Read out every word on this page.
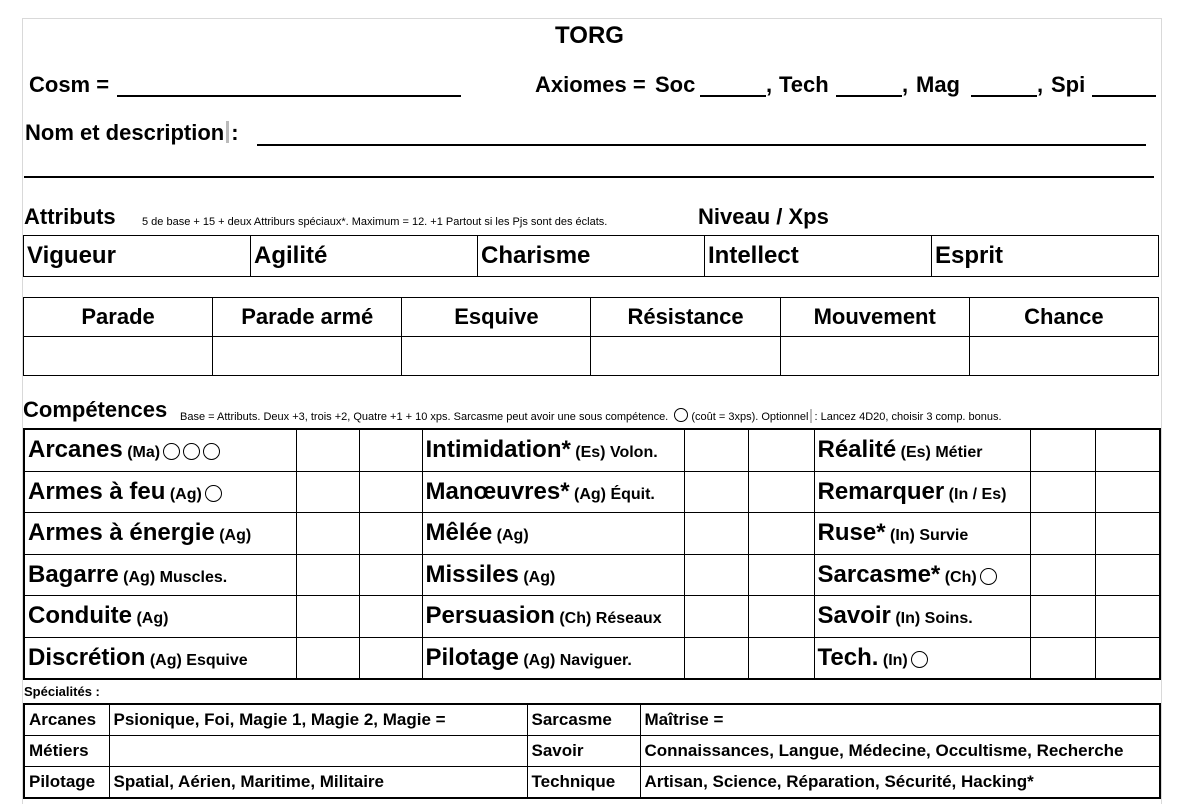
TORG
Cosm =	Axiomes = Soc	, Tech	, Mag	, Spi
Nom et description :
Attributs 5 de base + 15 + deux Attriburs spéciaux*. Maximum = 12. +1 Partout si les Pjs sont des éclats.	Niveau / Xps
Vigueur	Agilité	Charisme	Intellect	Esprit
Parade	Parade armé	Esquive	Résistance	Mouvement	Chance

Compétences Base = Attributs. Deux +3, trois +2, Quatre +1 + 10 xps. Sarcasme peut avoir une sous compétence. (coût = 3xps). Optionnel : Lancez 4D20, choisir 3 comp. bonus.
Arcanes (Ma)			Intimidation* (Es) Volon.			Réalité (Es) Métier		
Armes à feu (Ag)			Manœuvres* (Ag) Équit.			Remarquer (In / Es)		
Armes à énergie (Ag)			Mêlée (Ag)			Ruse* (In) Survie		
Bagarre (Ag) Muscles.			Missiles (Ag)			Sarcasme* (Ch)		
Conduite (Ag)			Persuasion (Ch) Réseaux			Savoir (In) Soins.		
Discrétion (Ag) Esquive			Pilotage (Ag) Naviguer.			Tech. (In)		
Spécialités :
Arcanes	Psionique, Foi, Magie 1, Magie 2, Magie =	Sarcasme	Maîtrise =
Métiers		Savoir	Connaissances, Langue, Médecine, Occultisme, Recherche
Pilotage	Spatial, Aérien, Maritime, Militaire	Technique	Artisan, Science, Réparation, Sécurité, Hacking*
